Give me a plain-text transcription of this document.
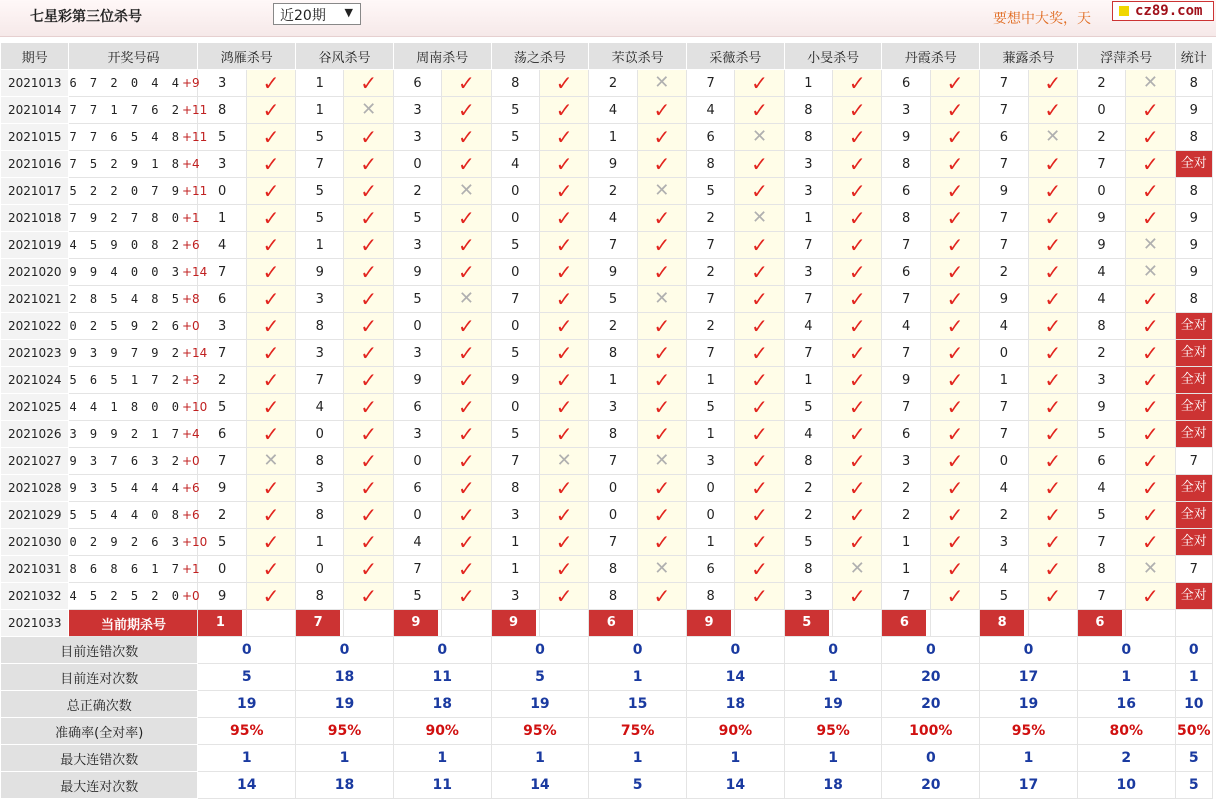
七星彩第三位杀号	近20期 ▼	要想中大奖，天	cz89.com
期号	开奖号码	鸿雁杀号		谷风杀号		周南杀号		荡之杀号		芣苡杀号		采薇杀号		小旻杀号		丹霞杀号		蒹露杀号		浮萍杀号		统计
2021013	6 7 2 0 4 4+9	3	✓	1	✓	6	✓	8	✓	2	✕	7	✓	1	✓	6	✓	7	✓	2	✕	8
2021014	7 7 1 7 6 2+11	8	✓	1	✕	3	✓	5	✓	4	✓	4	✓	8	✓	3	✓	7	✓	0	✓	9
2021015	7 7 6 5 4 8+11	5	✓	5	✓	3	✓	5	✓	1	✓	6	✕	8	✓	9	✓	6	✕	2	✓	8
2021016	7 5 2 9 1 8+4	3	✓	7	✓	0	✓	4	✓	9	✓	8	✓	3	✓	8	✓	7	✓	7	✓	全对

2021017	5 2 2 0 7 9+11	0	✓	5	✓	2	✕	0	✓	2	✕	5	✓	3	✓	6	✓	9	✓	0	✓	8
2021018	7 9 2 7 8 0+1	1	✓	5	✓	5	✓	0	✓	4	✓	2	✕	1	✓	8	✓	7	✓	9	✓	9
2021019	4 5 9 0 8 2+6	4	✓	1	✓	3	✓	5	✓	7	✓	7	✓	7	✓	7	✓	7	✓	9	✕	9
2021020	9 9 4 0 0 3+14	7	✓	9	✓	9	✓	0	✓	9	✓	2	✓	3	✓	6	✓	2	✓	4	✕	9
2021021	2 8 5 4 8 5+8	6	✓	3	✓	5	✕	7	✓	5	✕	7	✓	7	✓	7	✓	9	✓	4	✓	8
2021022	0 2 5 9 2 6+0	3	✓	8	✓	0	✓	0	✓	2	✓	2	✓	4	✓	4	✓	4	✓	8	✓	全对

2021023	9 3 9 7 9 2+14	7	✓	3	✓	3	✓	5	✓	8	✓	7	✓	7	✓	7	✓	0	✓	2	✓	全对

2021024	5 6 5 1 7 2+3	2	✓	7	✓	9	✓	9	✓	1	✓	1	✓	1	✓	9	✓	1	✓	3	✓	全对

2021025	4 4 1 8 0 0+10	5	✓	4	✓	6	✓	0	✓	3	✓	5	✓	5	✓	7	✓	7	✓	9	✓	全对

2021026	3 9 9 2 1 7+4	6	✓	0	✓	3	✓	5	✓	8	✓	1	✓	4	✓	6	✓	7	✓	5	✓	全对

2021027	9 3 7 6 3 2+0	7	✕	8	✓	0	✓	7	✕	7	✕	3	✓	8	✓	3	✓	0	✓	6	✓	7
2021028	9 3 5 4 4 4+6	9	✓	3	✓	6	✓	8	✓	0	✓	0	✓	2	✓	2	✓	4	✓	4	✓	全对

2021029	5 5 4 4 0 8+6	2	✓	8	✓	0	✓	3	✓	0	✓	0	✓	2	✓	2	✓	2	✓	5	✓	全对

2021030	0 2 9 2 6 3+10	5	✓	1	✓	4	✓	1	✓	7	✓	1	✓	5	✓	1	✓	3	✓	7	✓	全对

2021031	8 6 8 6 1 7+1	0	✓	0	✓	7	✓	1	✓	8	✕	6	✓	8	✕	1	✓	4	✓	8	✕	7
2021032	4 5 2 5 2 0+0	9	✓	8	✓	5	✓	3	✓	8	✓	8	✓	3	✓	7	✓	5	✓	7	✓	全对

2021033	当前期杀号	1		7		9		9		6		9		5		6		8		6		

目前连错次数		0		0		0		0		0		0		0		0		0		0		0
目前连对次数		5		18		11		5		1		14		1		20		17		1		1
总正确次数		19		19		18		19		15		18		19		20		19		16		10
准确率(全对率)		95%		95%		90%		95%		75%		90%		95%		100%		95%		80%		50%
最大连错次数		1		1		1		1		1		1		1		0		1		2		5
最大连对次数		14		18		11		14		5		14		18		20		17		10		5
